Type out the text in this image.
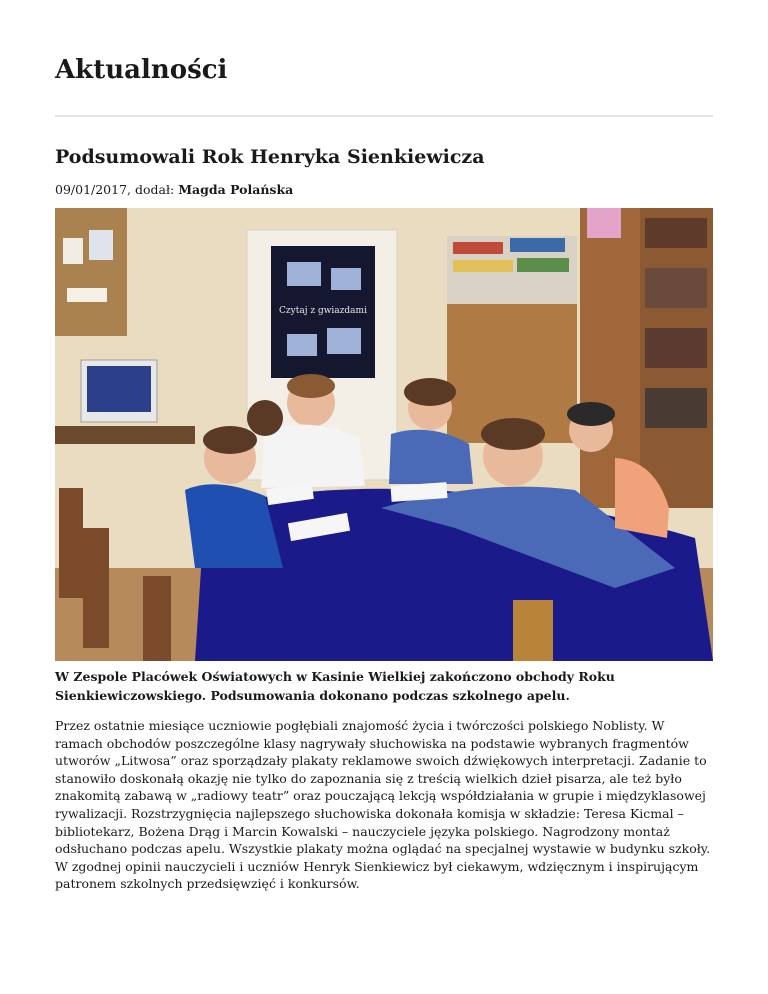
Aktualności
Podsumowali Rok Henryka Sienkiewicza
09/01/2017, dodał: Magda Polańska
Czytaj z gwiazdami

W Zespole Placówek Oświatowych w Kasinie Wielkiej zakończono obchody Roku Sienkiewiczowskiego. Podsumowania dokonano podczas szkolnego apelu.

Przez ostatnie miesiące uczniowie pogłębiali znajomość życia i twórczości polskiego Noblisty. W ramach obchodów poszczególne klasy nagrywały słuchowiska na podstawie wybranych fragmentów utworów „Litwosa” oraz sporządzały plakaty reklamowe swoich dźwiękowych interpretacji. Zadanie to stanowiło doskonałą okazję nie tylko do zapoznania się z treścią wielkich dzieł pisarza, ale też było znakomitą zabawą w „radiowy teatr” oraz pouczającą lekcją współdziałania w grupie i międzyklasowej rywalizacji. Rozstrzygnięcia najlepszego słuchowiska dokonała komisja w składzie: Teresa Kicmal – bibliotekarz, Bożena Drąg i Marcin Kowalski – nauczyciele języka polskiego. Nagrodzony montaż odsłuchano podczas apelu. Wszystkie plakaty można oglądać na specjalnej wystawie w budynku szkoły.

W zgodnej opinii nauczycieli i uczniów Henryk Sienkiewicz był ciekawym, wdzięcznym i inspirującym patronem szkolnych przedsięwzięć i konkursów.
